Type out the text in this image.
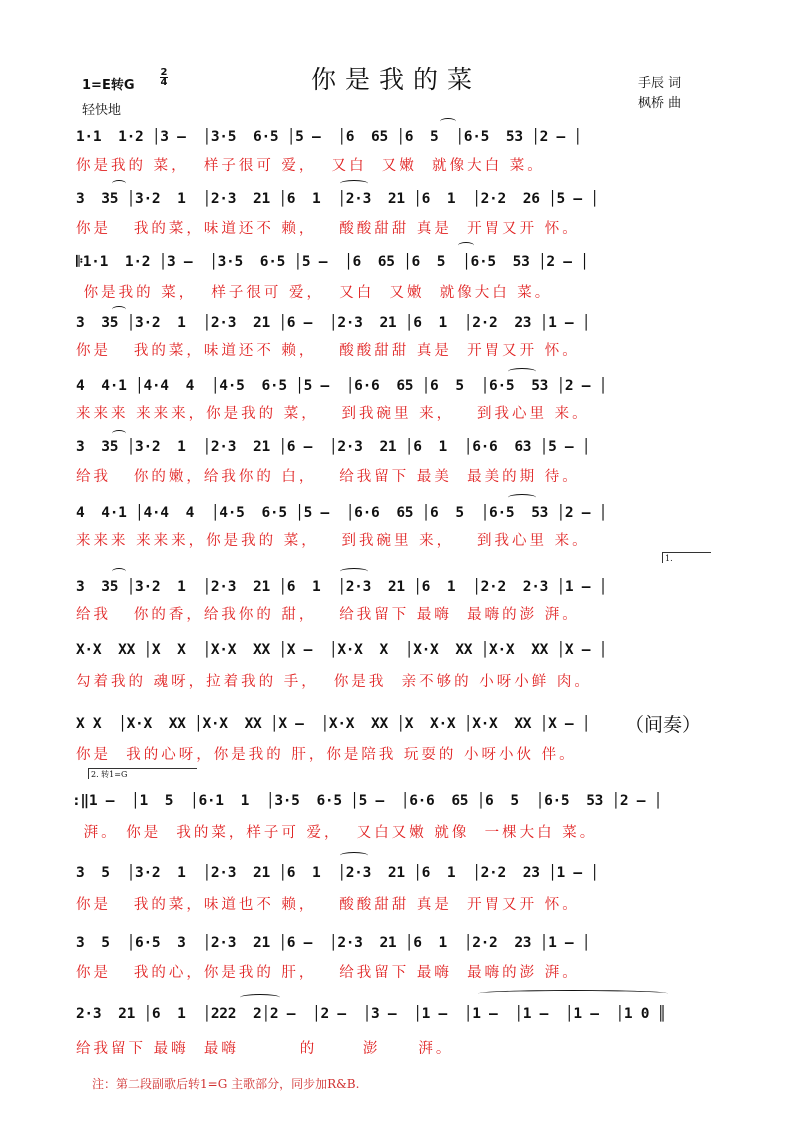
1=E转G
2
4
轻快地
你是我的菜	手辰 词
枫桥 曲
1·1  1·2 │3 –  │3·5  6·5 │5 –  │6  65 │6  5  │6·5  53 │2 – │
你是我的 菜，  样子很可 爱，  又白  又嫩  就像大白 菜。
3  35 │3·2  1  │2·3  21 │6  1  │2·3  21 │6  1  │2·2  26 │5 – │
你是   我的菜，味道还不 赖，   酸酸甜甜 真是  开胃又开 怀。
𝄆1·1  1·2 │3 –  │3·5  6·5 │5 –  │6  65 │6  5  │6·5  53 │2 – │
你是我的 菜，  样子很可 爱，  又白  又嫩  就像大白 菜。
3  35 │3·2  1  │2·3  21 │6 –  │2·3  21 │6  1  │2·2  23 │1 – │
你是   我的菜，味道还不 赖，   酸酸甜甜 真是  开胃又开 怀。
4  4·1 │4·4  4  │4·5  6·5 │5 –  │6·6  65 │6  5  │6·5  53 │2 – │
来来来 来来来，你是我的 菜，   到我碗里 来，   到我心里 来。
3  35 │3·2  1  │2·3  21 │6 –  │2·3  21 │6  1  │6·6  63 │5 – │
给我   你的嫩，给我你的 白，   给我留下 最美  最美的期 待。
4  4·1 │4·4  4  │4·5  6·5 │5 –  │6·6  65 │6  5  │6·5  53 │2 – │
来来来 来来来，你是我的 菜，   到我碗里 来，   到我心里 来。
1.
3  35 │3·2  1  │2·3  21 │6  1  │2·3  21 │6  1  │2·2  2·3 │1 – │
给我   你的香，给我你的 甜，   给我留下 最嗨  最嗨的澎 湃。
X·X  XX │X  X  │X·X  XX │X –  │X·X  X  │X·X  XX │X·X  XX │X – │
勾着我的 魂呀，拉着我的 手，  你是我  亲不够的 小呀小鲜 肉。
X X  │X·X  XX │X·X  XX │X –  │X·X  XX │X  X·X │X·X  XX │X – │	（间奏）
你是  我的心呀，你是我的 肝，你是陪我 玩耍的 小呀小伙 伴。
2. 转1=G
:‖1 –  │1  5  │6·1  1  │3·5  6·5 │5 –  │6·6  65 │6  5  │6·5  53 │2 – │
湃。 你是  我的菜，样子可 爱，  又白又嫩 就像  一棵大白 菜。
3  5  │3·2  1  │2·3  21 │6  1  │2·3  21 │6  1  │2·2  23 │1 – │
你是   我的菜，味道也不 赖，   酸酸甜甜 真是  开胃又开 怀。
3  5  │6·5  3  │2·3  21 │6 –  │2·3  21 │6  1  │2·2  23 │1 – │
你是   我的心，你是我的 肝，   给我留下 最嗨  最嗨的澎 湃。
2·3  21 │6  1  │222  2│2 –  │2 –  │3 –  │1 –  │1 –  │1 –  │1 –  │1 0 ║
给我留下 最嗨  最嗨        的      澎     湃。
注：第二段副歌后转1=G 主歌部分，同步加R&B.
